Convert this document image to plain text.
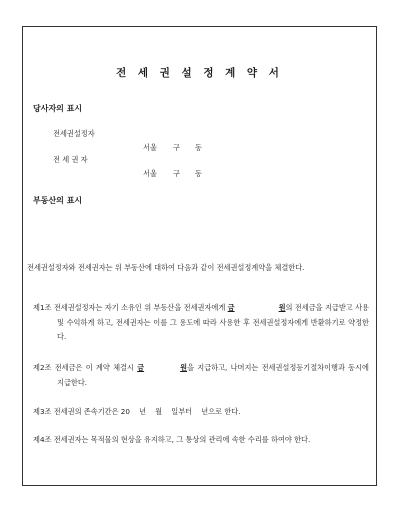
전 세 권 설 정 계 약 서
당사자의 표시
전세권설정자
서울 구 동
전 세 권 자
서울 구 동
부동산의 표시
전세권설정자와 전세권자는 위 부동산에 대하여 다음과 같이 전세권설정계약을 체결한다.
제1조 전세권설정자는 자기 소유인 위 부동산을 전세권자에게 금	원의 전세금을 지급받고 사용 및 수익하게 하고, 전세권자는 이를 그 용도에 따라 사용한 후 전세권설정자에게 반환하기로 약정한다.
제2조 전세금은 이 계약 체결시 금	원을 지급하고, 나머지는 전세권설정등기절차이행과 동시에 지급한다.
제3조 전세권의 존속기간은 20    년    월    일부터    년으로 한다.
제4조 전세권자는 목적물의 현상을 유지하고, 그 통상의 관리에 속한 수리를 하여야 한다.
